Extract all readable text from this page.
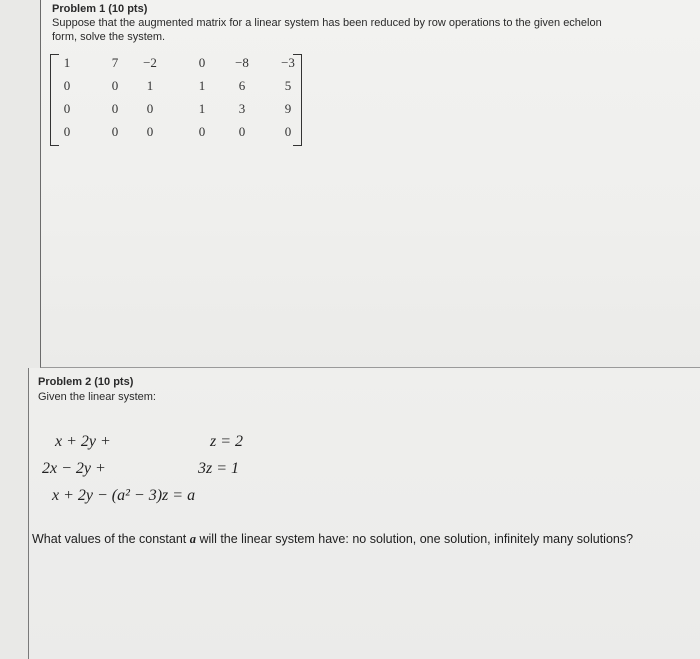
Problem 1 (10 pts)
Suppose that the augmented matrix for a linear system has been reduced by row operations to the given echelon
form, solve the system.
1	7	−2	0	−8	−3
0	0	1	1	6	5
0	0	0	1	3	9
0	0	0	0	0	0
Problem 2 (10 pts)
Given the linear system:
x + 2y +	z = 2
2x − 2y +	3z = 1
x + 2y − (a² − 3)z = a
What values of the constant a will the linear system have: no solution, one solution, infinitely many solutions?
